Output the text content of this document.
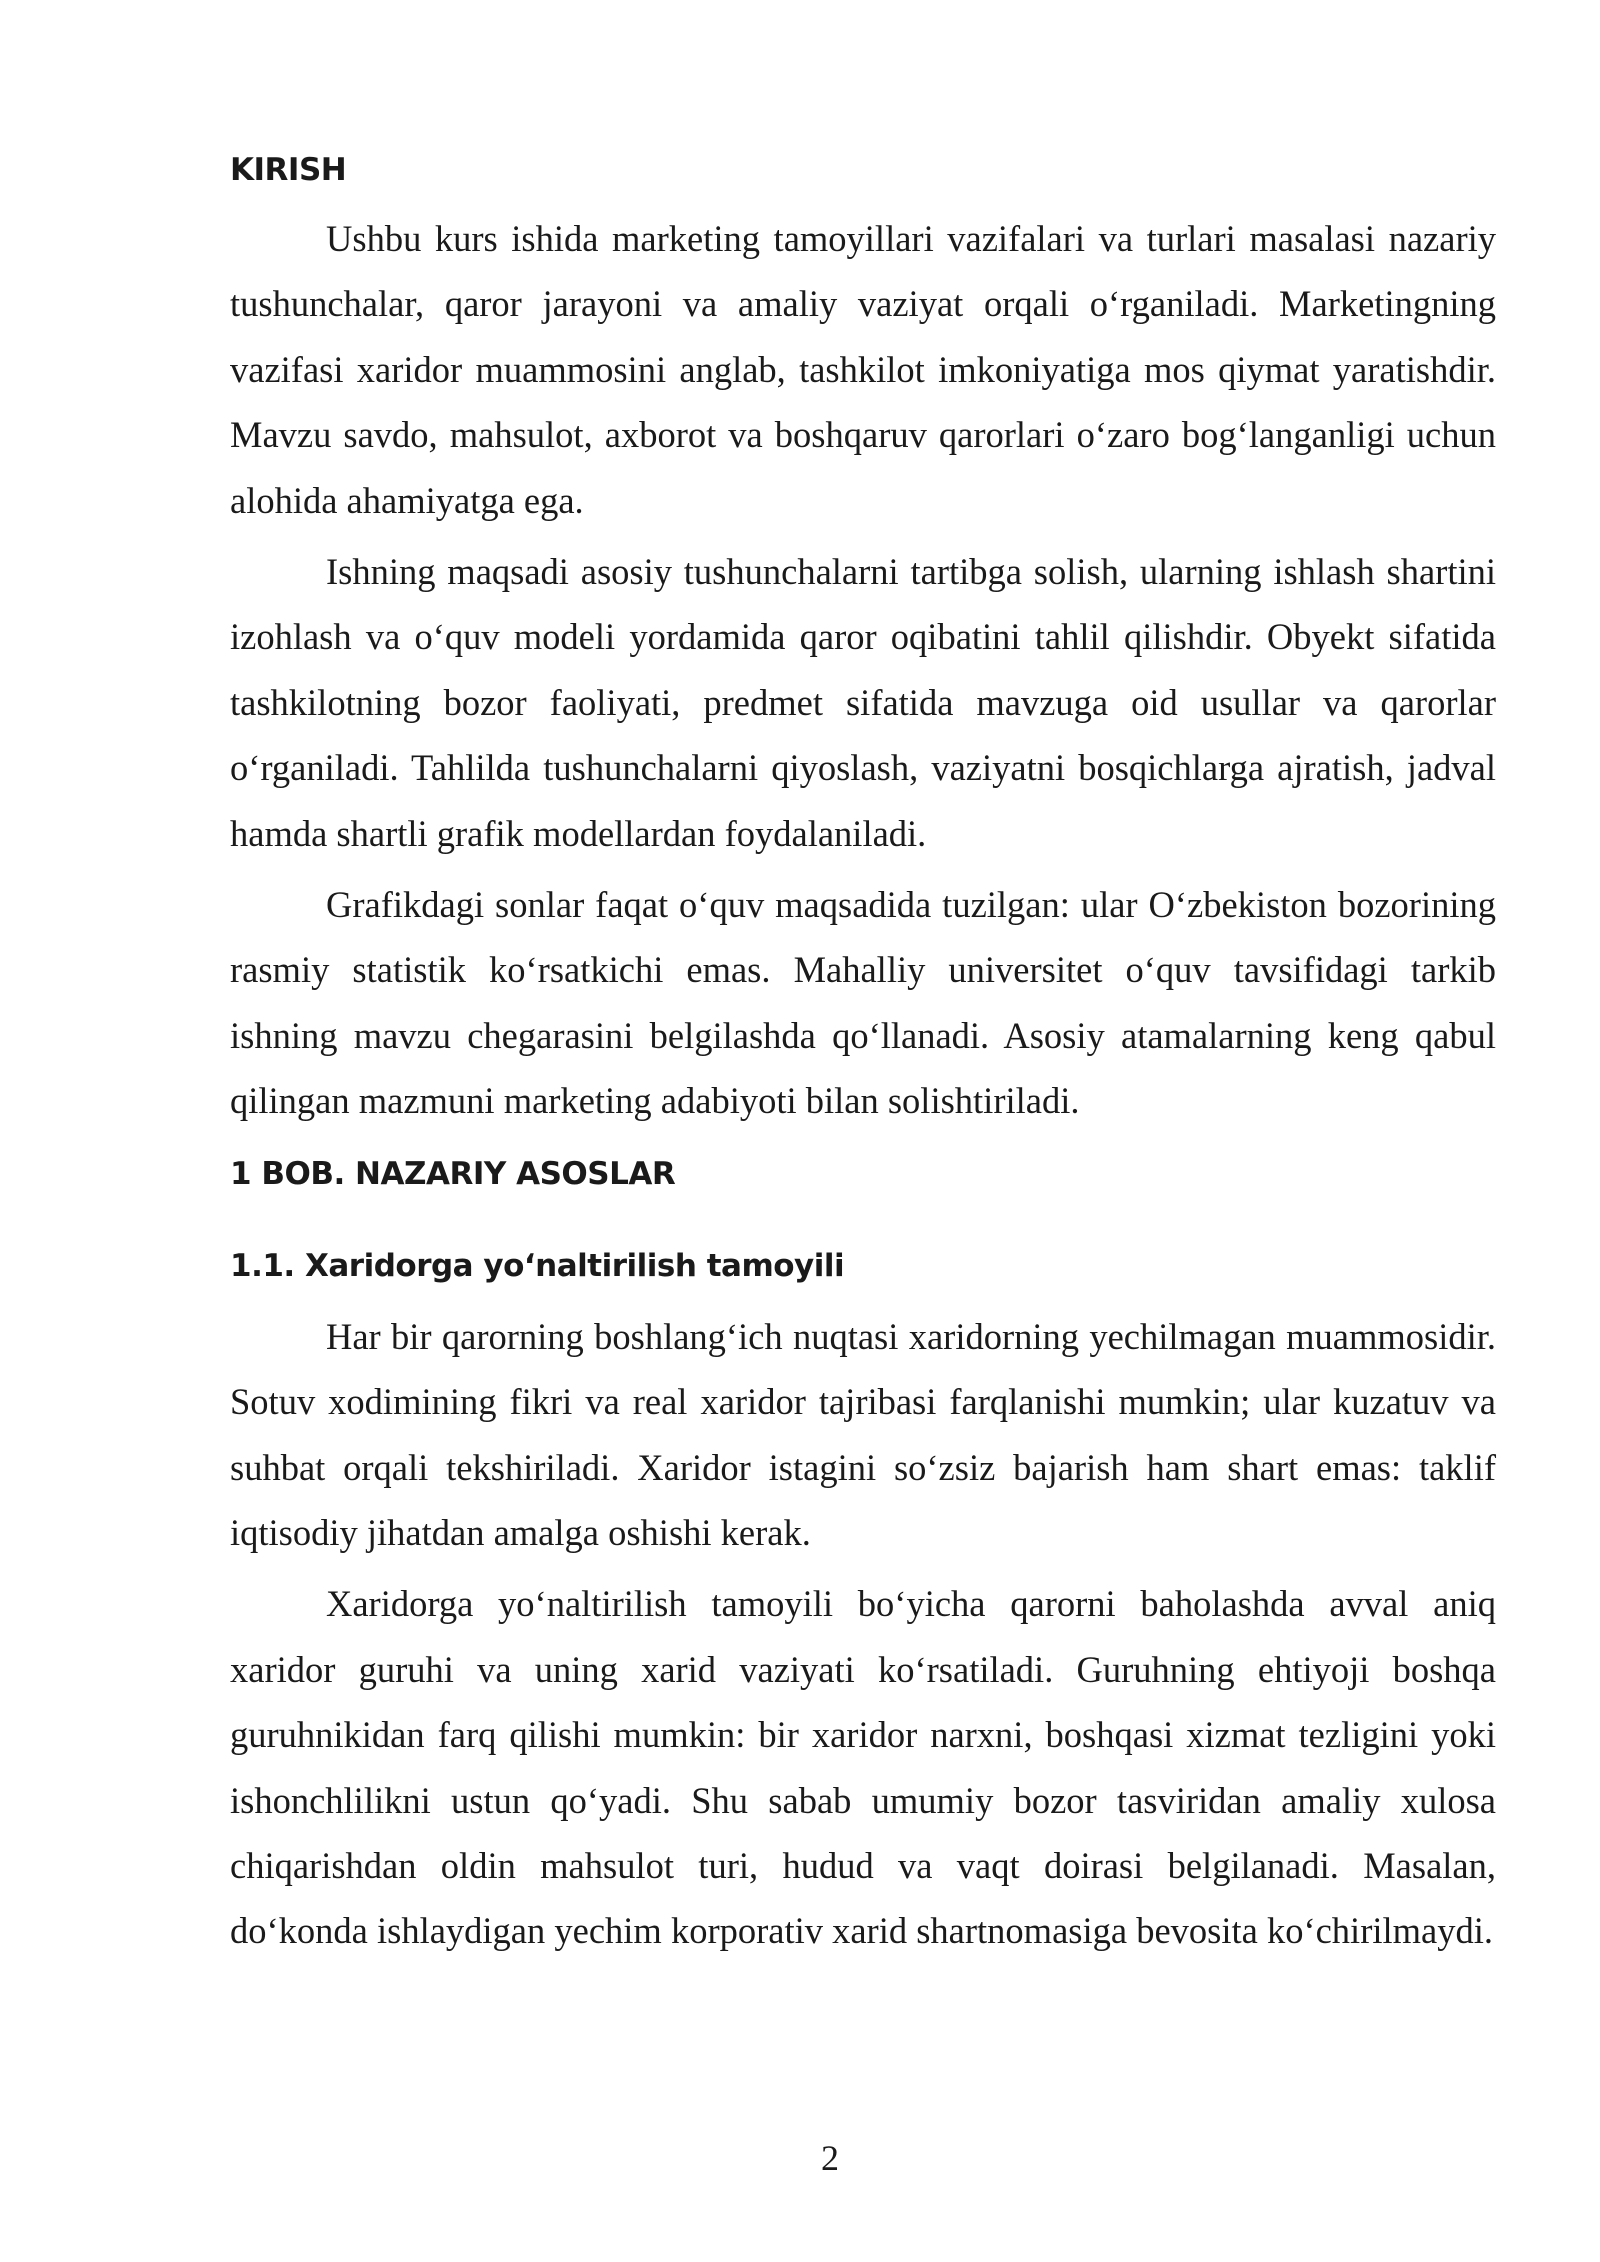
KIRISH

Ushbu kurs ishida marketing tamoyillari vazifalari va turlari masalasi nazariy tushunchalar, qaror jarayoni va amaliy vaziyat orqali o‘rganiladi. Marketingning vazifasi xaridor muammosini anglab, tashkilot imkoniyatiga mos qiymat yaratishdir. Mavzu savdo, mahsulot, axborot va boshqaruv qarorlari o‘zaro bog‘langanligi uchun alohida ahamiyatga ega.

Ishning maqsadi asosiy tushunchalarni tartibga solish, ularning ishlash shartini izohlash va o‘quv modeli yordamida qaror oqibatini tahlil qilishdir. Obyekt sifatida tashkilotning bozor faoliyati, predmet sifatida mavzuga oid usullar va qarorlar o‘rganiladi. Tahlilda tushunchalarni qiyoslash, vaziyatni bosqichlarga ajratish, jadval hamda shartli grafik modellardan foydalaniladi.

Grafikdagi sonlar faqat o‘quv maqsadida tuzilgan: ular O‘zbekiston bozorining rasmiy statistik ko‘rsatkichi emas. Mahalliy universitet o‘quv tavsifidagi tarkib ishning mavzu chegarasini belgilashda qo‘llanadi. Asosiy atamalarning keng qabul qilingan mazmuni marketing adabiyoti bilan solishtiriladi.

1 BOB. NAZARIY ASOSLAR
1.1. Xaridorga yo‘naltirilish tamoyili

Har bir qarorning boshlang‘ich nuqtasi xaridorning yechilmagan muammosidir. Sotuv xodimining fikri va real xaridor tajribasi farqlanishi mumkin; ular kuzatuv va suhbat orqali tekshiriladi. Xaridor istagini so‘zsiz bajarish ham shart emas: taklif iqtisodiy jihatdan amalga oshishi kerak.

Xaridorga yo‘naltirilish tamoyili bo‘yicha qarorni baholashda avval aniq xaridor guruhi va uning xarid vaziyati ko‘rsatiladi. Guruhning ehtiyoji boshqa guruhnikidan farq qilishi mumkin: bir xaridor narxni, boshqasi xizmat tezligini yoki ishonchlilikni ustun qo‘yadi. Shu sabab umumiy bozor tasviridan amaliy xulosa chiqarishdan oldin mahsulot turi, hudud va vaqt doirasi belgilanadi. Masalan, do‘konda ishlaydigan yechim korporativ xarid shartnomasiga bevosita ko‘chirilmaydi.

2
